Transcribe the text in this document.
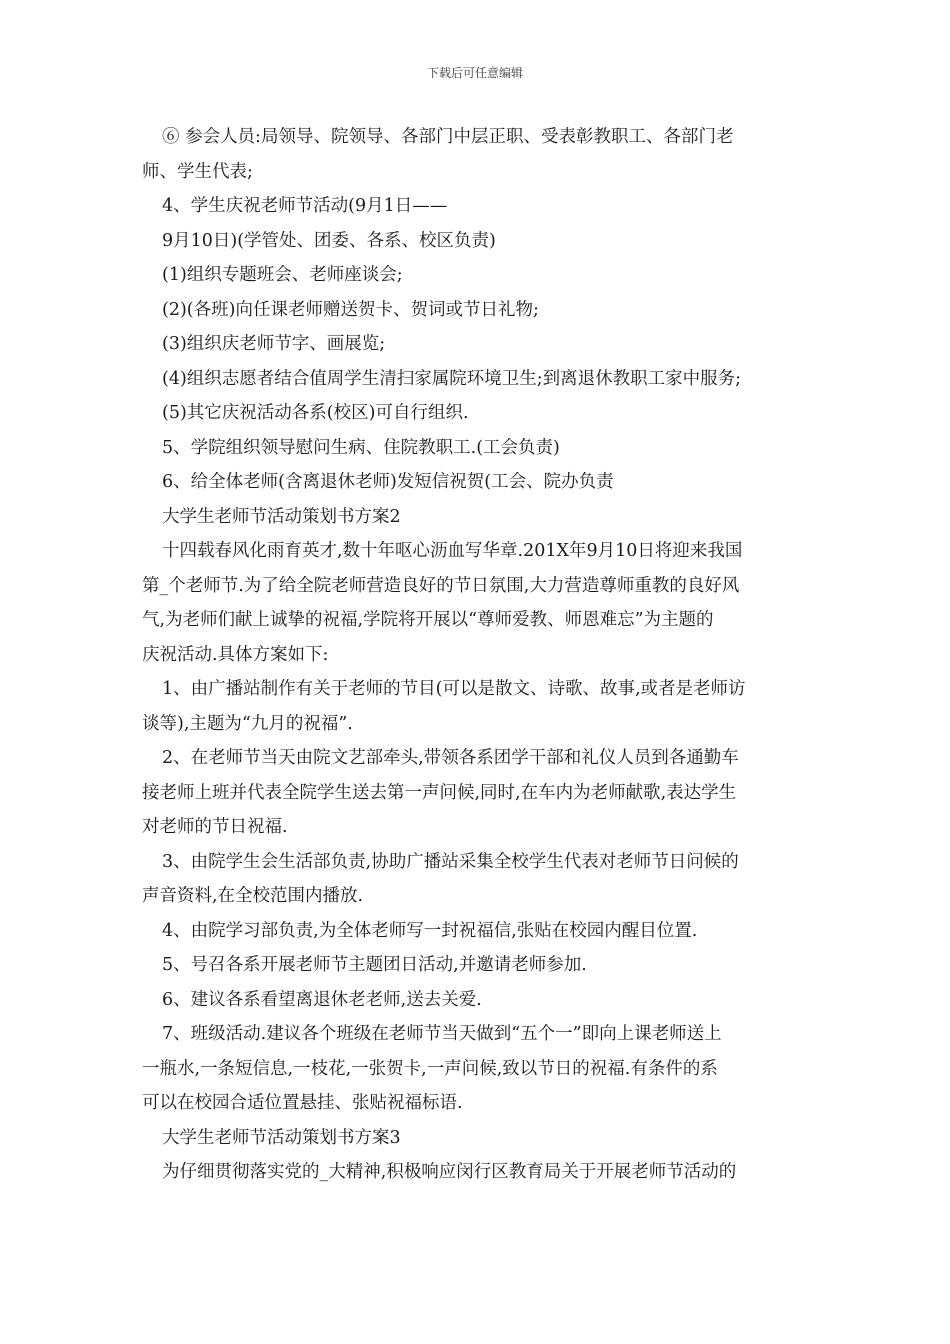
下载后可任意编辑
⑥ 参会人员:局领导、院领导、各部门中层正职、受表彰教职工、各部门老
师、学生代表;
4、学生庆祝老师节活动(9月1日——
9月10日)(学管处、团委、各系、校区负责)
(1)组织专题班会、老师座谈会;
(2)(各班)向任课老师赠送贺卡、贺词或节日礼物;
(3)组织庆老师节字、画展览;
(4)组织志愿者结合值周学生清扫家属院环境卫生;到离退休教职工家中服务;
(5)其它庆祝活动各系(校区)可自行组织.
5、学院组织领导慰问生病、住院教职工.(工会负责)
6、给全体老师(含离退休老师)发短信祝贺(工会、院办负责
大学生老师节活动策划书方案2
十四载春风化雨育英才,数十年呕心沥血写华章.201X年9月10日将迎来我国
第_个老师节.为了给全院老师营造良好的节日氛围,大力营造尊师重教的良好风
气,为老师们献上诚挚的祝福,学院将开展以“尊师爱教、师恩难忘”为主题的
庆祝活动.具体方案如下:
1、由广播站制作有关于老师的节目(可以是散文、诗歌、故事,或者是老师访
谈等),主题为“九月的祝福”.
2、在老师节当天由院文艺部牵头,带领各系团学干部和礼仪人员到各通勤车
接老师上班并代表全院学生送去第一声问候,同时,在车内为老师献歌,表达学生
对老师的节日祝福.
3、由院学生会生活部负责,协助广播站采集全校学生代表对老师节日问候的
声音资料,在全校范围内播放.
4、由院学习部负责,为全体老师写一封祝福信,张贴在校园内醒目位置.
5、号召各系开展老师节主题团日活动,并邀请老师参加.
6、建议各系看望离退休老老师,送去关爱.
7、班级活动.建议各个班级在老师节当天做到“五个一”即向上课老师送上
一瓶水,一条短信息,一枝花,一张贺卡,一声问候,致以节日的祝福.有条件的系
可以在校园合适位置悬挂、张贴祝福标语.
大学生老师节活动策划书方案3
为仔细贯彻落实党的_大精神,积极响应闵行区教育局关于开展老师节活动的
